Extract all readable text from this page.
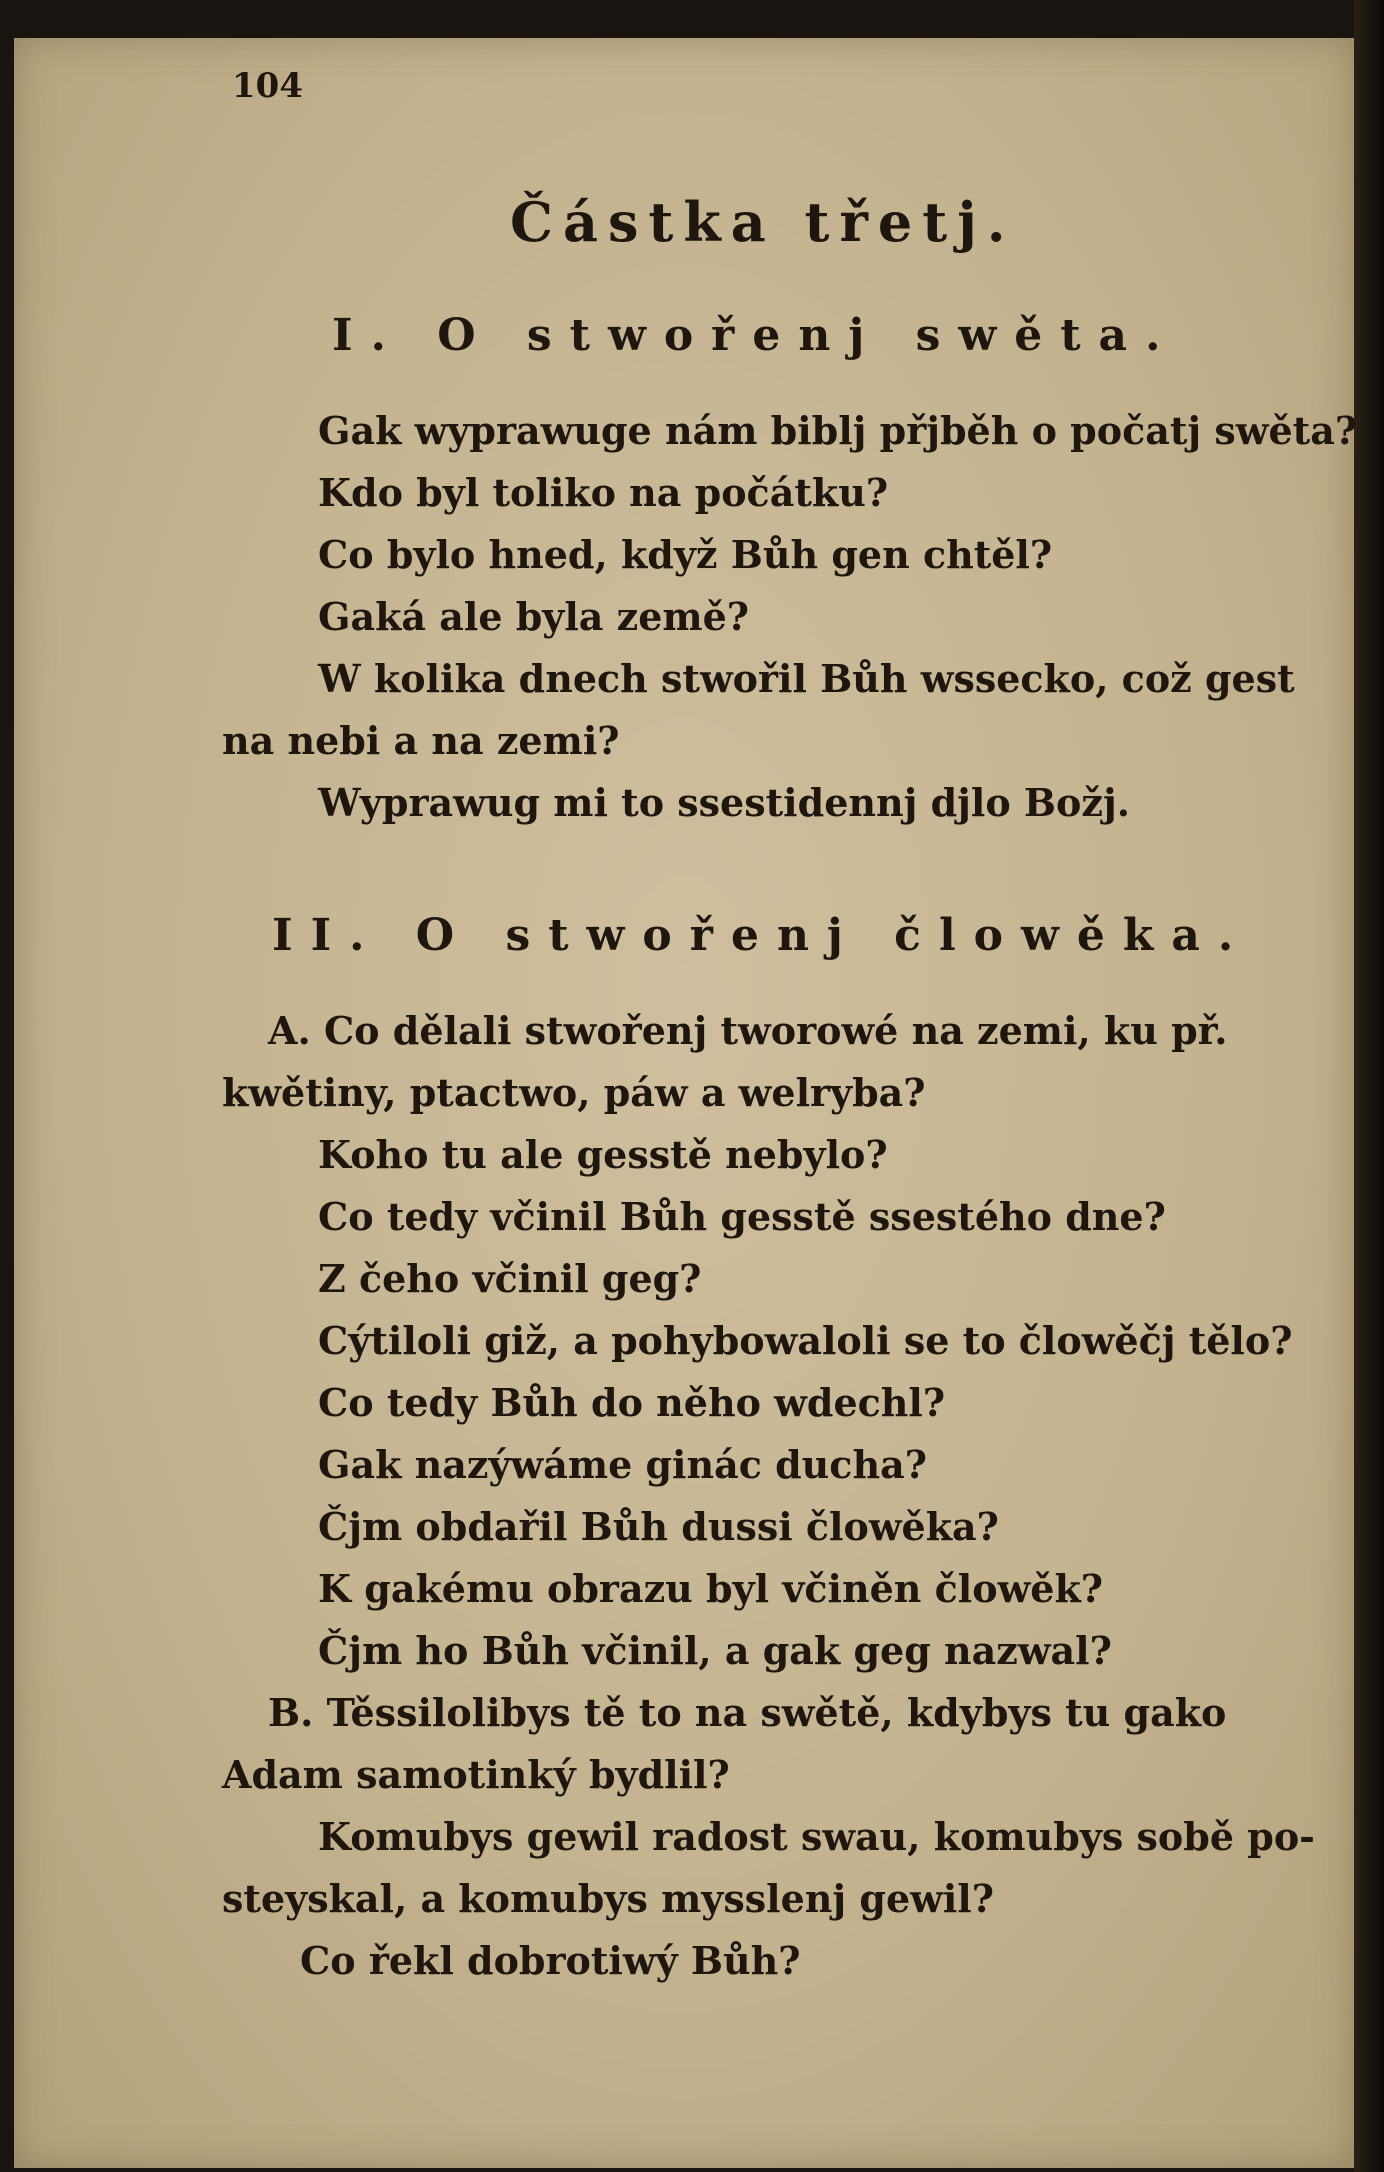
104
Částka třetj.
I. O stwořenj swěta.
Gak wyprawuge nám biblj přjběh o počatj swěta?
Kdo byl toliko na počátku?
Co bylo hned, když Bůh gen chtěl?
Gaká ale byla země?
W kolika dnech stwořil Bůh wssecko, což gest
na nebi a na zemi?
Wyprawug mi to ssestidennj djlo Božj.
II. O stwořenj člowěka.
A. Co dělali stwořenj tworowé na zemi, ku př.
kwětiny, ptactwo, páw a welryba?
Koho tu ale gesstě nebylo?
Co tedy včinil Bůh gesstě ssestého dne?
Z čeho včinil geg?
Cýtiloli giž, a pohybowaloli se to člowěčj tělo?
Co tedy Bůh do něho wdechl?
Gak nazýwáme ginác ducha?
Čjm obdařil Bůh dussi člowěka?
K gakému obrazu byl včiněn člowěk?
Čjm ho Bůh včinil, a gak geg nazwal?
B. Těssilolibys tě to na swětě, kdybys tu gako
Adam samotinký bydlil?
Komubys gewil radost swau, komubys sobě po-
steyskal, a komubys mysslenj gewil?
Co řekl dobrotiwý Bůh?
